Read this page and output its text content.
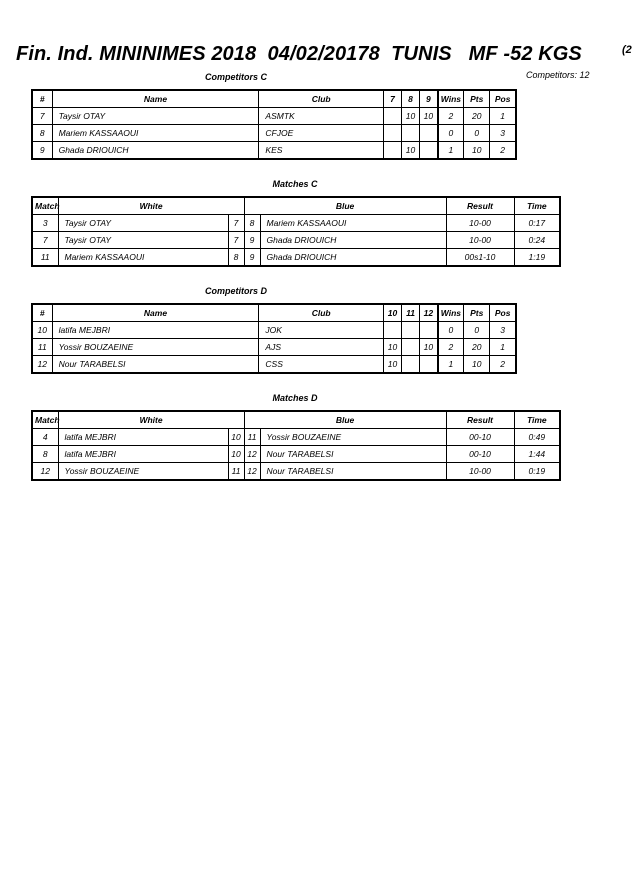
Fin. Ind. MININIMES 2018  04/02/20178  TUNIS   MF -52 KGS	(2
Competitors: 12
Competitors C
#	Name	Club	7	8	9	Wins	Pts	Pos
7	Taysir OTAY	ASMTK		10	10	2	20	1
8	Mariem KASSAAOUI	CFJOE				0	0	3
9	Ghada DRIOUICH	KES		10		1	10	2
Matches C
Match	White		Blue		Result	Time
3	Taysir OTAY	7	8	Mariem KASSAAOUI	10-00	0:17
7	Taysir OTAY	7	9	Ghada DRIOUICH	10-00	0:24
11	Mariem KASSAAOUI	8	9	Ghada DRIOUICH	00s1-10	1:19
Competitors D
#	Name	Club	10	11	12	Wins	Pts	Pos
10	latifa MEJBRI	JOK				0	0	3
11	Yossir BOUZAEINE	AJS	10		10	2	20	1
12	Nour TARABELSI	CSS	10			1	10	2
Matches D
Match	White		Blue		Result	Time
4	latifa MEJBRI	10	11	Yossir BOUZAEINE	00-10	0:49
8	latifa MEJBRI	10	12	Nour TARABELSI	00-10	1:44
12	Yossir BOUZAEINE	11	12	Nour TARABELSI	10-00	0:19
